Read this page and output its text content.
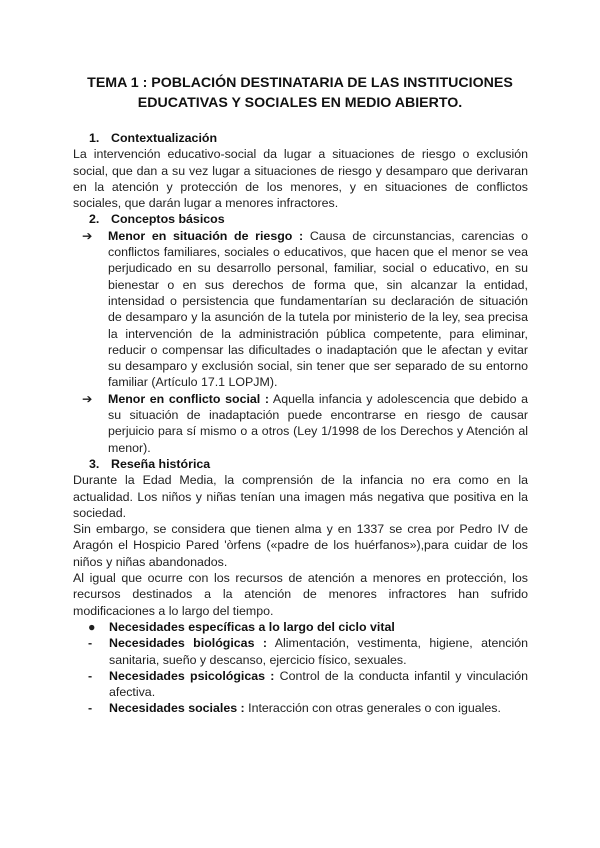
TEMA 1 : POBLACIÓN DESTINATARIA DE LAS INSTITUCIONES EDUCATIVAS Y SOCIALES EN MEDIO ABIERTO.
1. Contextualización

La intervención educativo-social da lugar a situaciones de riesgo o exclusión social, que dan a su vez lugar a situaciones de riesgo y desamparo que derivaran en la atención y protección de los menores, y en situaciones de conflictos sociales, que darán lugar a menores infractores.

2. Conceptos básicos
➔	Menor en situación de riesgo : Causa de circunstancias, carencias o conflictos familiares, sociales o educativos, que hacen que el menor se vea perjudicado en su desarrollo personal, familiar, social o educativo, en su bienestar o en sus derechos de forma que, sin alcanzar la entidad, intensidad o persistencia que fundamentarían su declaración de situación de desamparo y la asunción de la tutela por ministerio de la ley, sea precisa la intervención de la administración pública competente, para eliminar, reducir o compensar las dificultades o inadaptación que le afectan y evitar su desamparo y exclusión social, sin tener que ser separado de su entorno familiar (Artículo 17.1 LOPJM).
➔	Menor en conflicto social : Aquella infancia y adolescencia que debido a su situación de inadaptación puede encontrarse en riesgo de causar perjuicio para sí mismo o a otros (Ley 1/1998 de los Derechos y Atención al menor).
3. Reseña histórica

Durante la Edad Media, la comprensión de la infancia no era como en la actualidad. Los niños y niñas tenían una imagen más negativa que positiva en la sociedad.

Sin embargo, se considera que tienen alma y en 1337 se crea por Pedro IV de Aragón el Hospicio Pared 'òrfens («padre de los huérfanos»),para cuidar de los niños y niñas abandonados.

Al igual que ocurre con los recursos de atención a menores en protección, los recursos destinados a la atención de menores infractores han sufrido modificaciones a lo largo del tiempo.

●	Necesidades específicas a lo largo del ciclo vital
-	Necesidades biológicas : Alimentación, vestimenta, higiene, atención sanitaria, sueño y descanso, ejercicio físico, sexuales.
-	Necesidades psicológicas : Control de la conducta infantil y vinculación afectiva.
-	Necesidades sociales : Interacción con otras generales o con iguales.
